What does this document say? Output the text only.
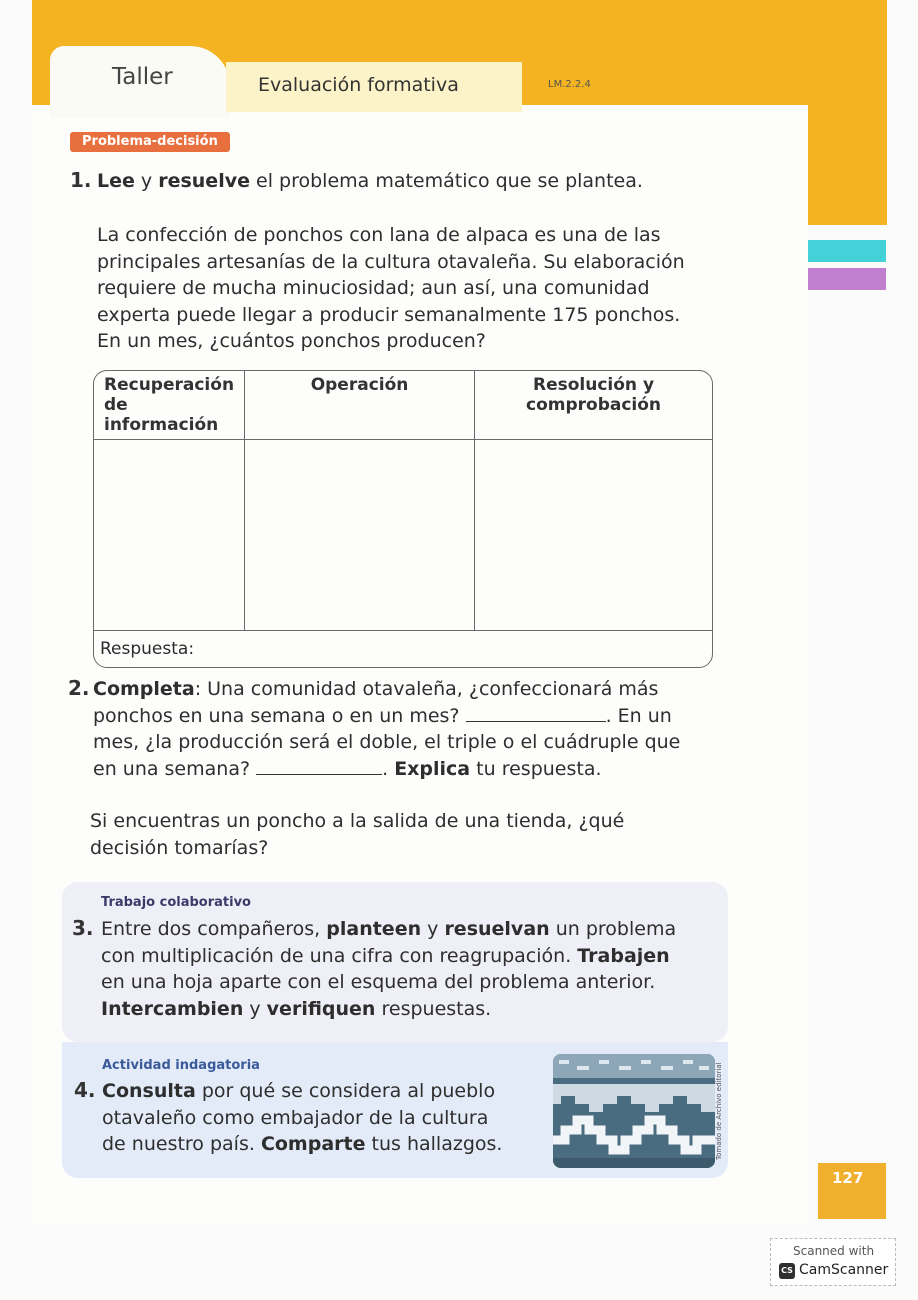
Taller	Evaluación formativa	LM.2.2.4
Problema-decisión
1. Lee y resuelve el problema matemático que se plantea.
La confección de ponchos con lana de alpaca es una de las
principales artesanías de la cultura otavaleña. Su elaboración
requiere de mucha minuciosidad; aun así, una comunidad
experta puede llegar a producir semanalmente 175 ponchos.
En un mes, ¿cuántos ponchos producen?
Recuperación de información	Operación	Resolución y comprobación

Respuesta:		
2. Completa: Una comunidad otavaleña, ¿confeccionará más
ponchos en una semana o en un mes?	. En un
mes, ¿la producción será el doble, el triple o el cuádruple que
en una semana?	. Explica tu respuesta.
Si encuentras un poncho a la salida de una tienda, ¿qué
decisión tomarías?
Trabajo colaborativo
3. Entre dos compañeros, planteen y resuelvan un problema
con multiplicación de una cifra con reagrupación. Trabajen
en una hoja aparte con el esquema del problema anterior.
Intercambien y verifiquen respuestas.
Actividad indagatoria
4. Consulta por qué se considera al pueblo
otavaleño como embajador de la cultura
de nuestro país. Comparte tus hallazgos.	Tomado de Archivo editorial
127
Scanned with
CS CamScanner
